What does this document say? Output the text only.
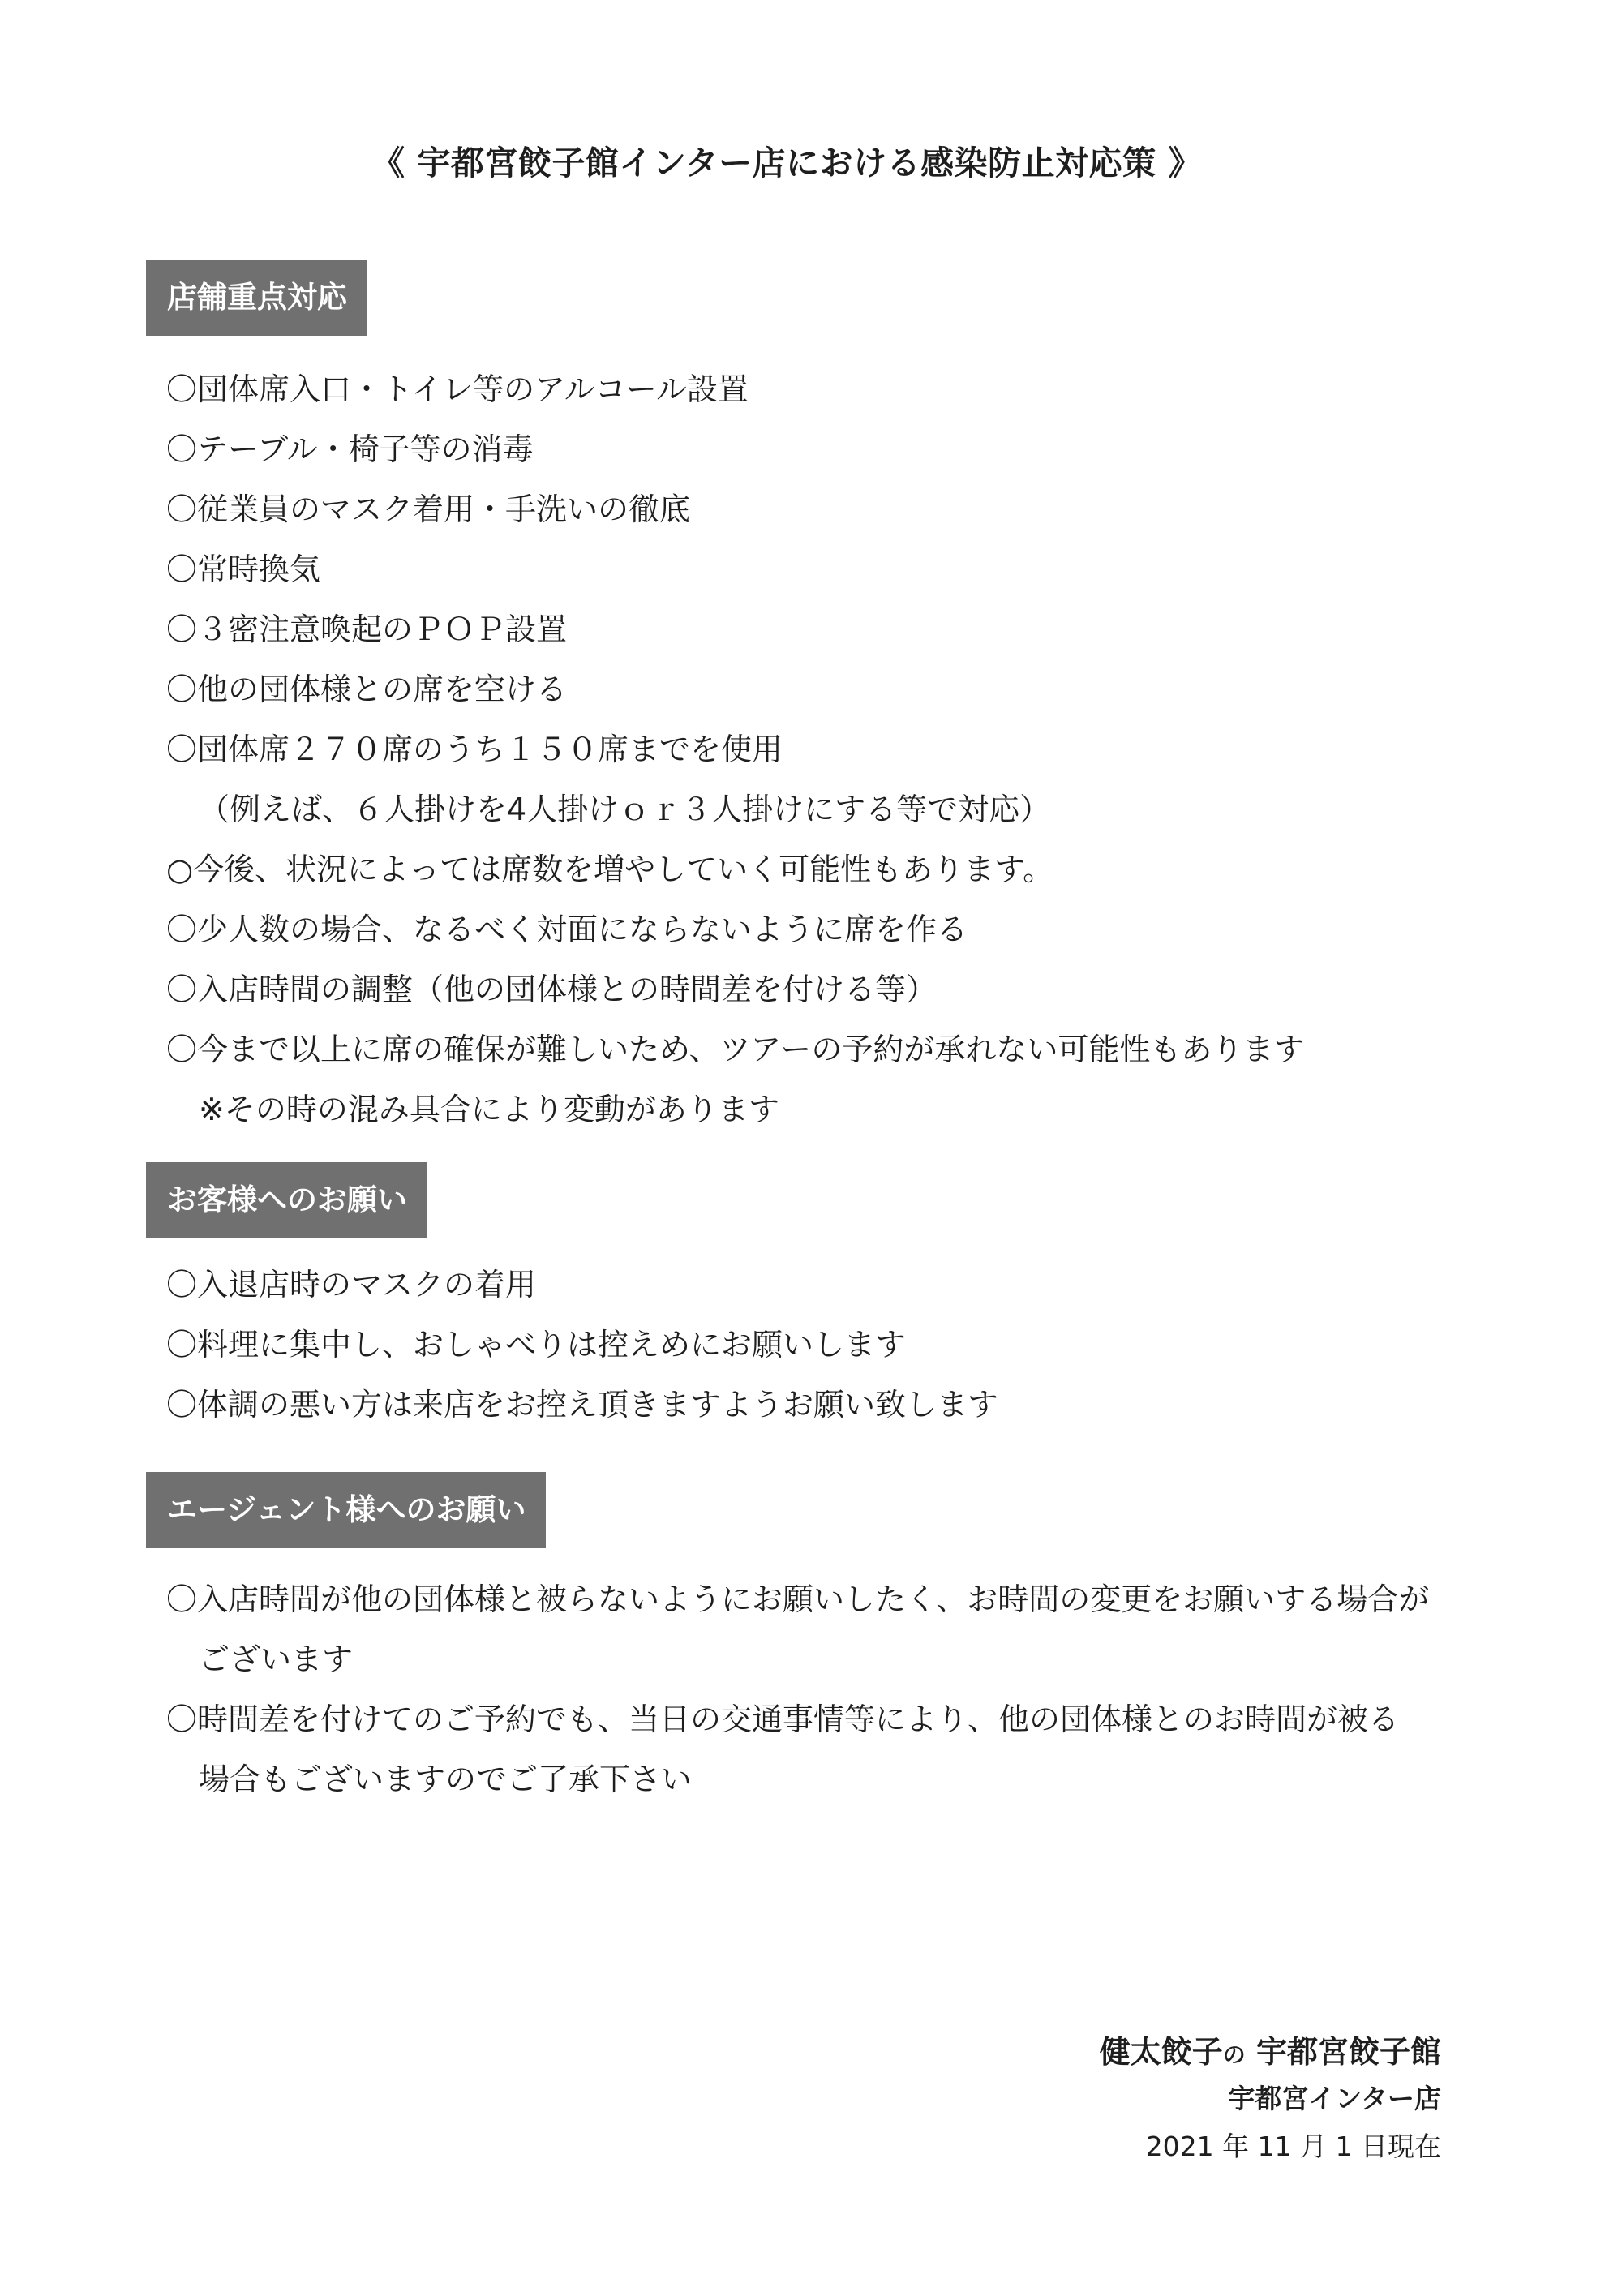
《 宇都宮餃子館インター店における感染防止対応策 》
店舗重点対応
〇団体席入口・トイレ等のアルコール設置
〇テーブル・椅子等の消毒
〇従業員のマスク着用・手洗いの徹底
〇常時換気
〇３密注意喚起のＰＯＰ設置
〇他の団体様との席を空ける
〇団体席２７０席のうち１５０席までを使用
（例えば、６人掛けを4人掛けｏｒ３人掛けにする等で対応）
○今後、状況によっては席数を増やしていく可能性もあります。
〇少人数の場合、なるべく対面にならないように席を作る
〇入店時間の調整（他の団体様との時間差を付ける等）
〇今まで以上に席の確保が難しいため、ツアーの予約が承れない可能性もあります
※その時の混み具合により変動があります
お客様へのお願い
〇入退店時のマスクの着用
〇料理に集中し、おしゃべりは控えめにお願いします
〇体調の悪い方は来店をお控え頂きますようお願い致します
エージェント様へのお願い
〇入店時間が他の団体様と被らないようにお願いしたく、お時間の変更をお願いする場合が
ございます
〇時間差を付けてのご予約でも、当日の交通事情等により、他の団体様とのお時間が被る
場合もございますのでご了承下さい
健太餃子の 宇都宮餃子館
宇都宮インター店
2021 年 11 月 1 日現在
